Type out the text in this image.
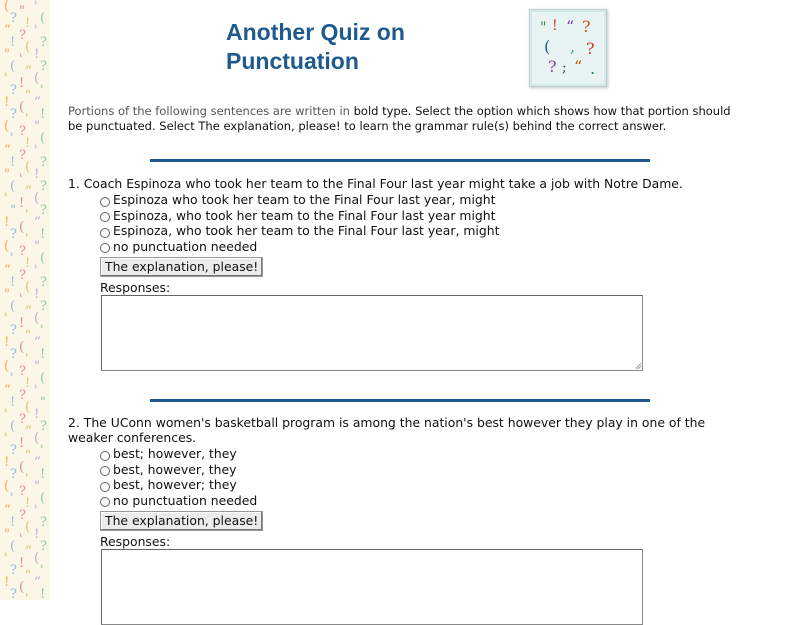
( " '
? ! (
“ ? '
! ( ?
" ' !
( “ ?
' ! (
? " '
! ( “
? ' !
( ? "
' ! (
“ ? '
! ( ?
" ' !
( “ ?
' ! (
" ' ?
! ( “
? ' !
( ? "
' ! (
“ ? '
! ( ?
" ' !
( “ ?
' ! (
? " '
! ( “
? ' !
( ? "
' ! (
“ ? '
! ( "
' ? !
( “ ?
' ! (
? " '
! ( “
? ' !
( ? "
' ! (
“ ? '
! ( ?
" ' !
( “ ?
' ! (
? " '
! ( “
? ' !
Another Quiz on Punctuation
" ! “ ?
( , ?
? ; “ .

Portions of the following sentences are written in bold type. Select the option which shows how that portion should be punctuated. Select The explanation, please! to learn the grammar rule(s) behind the correct answer.

1. Coach Espinoza who took her team to the Final Four last year might take a job with Notre Dame.

Espinoza who took her team to the Final Four last year, might
Espinoza, who took her team to the Final Four last year might
Espinoza, who took her team to the Final Four last year, might
no punctuation needed
The explanation, please!
Responses:

2. The UConn women's basketball program is among the nation's best however they play in one of the weaker conferences.

best; however, they
best, however, they
best, however; they
no punctuation needed
The explanation, please!
Responses:
